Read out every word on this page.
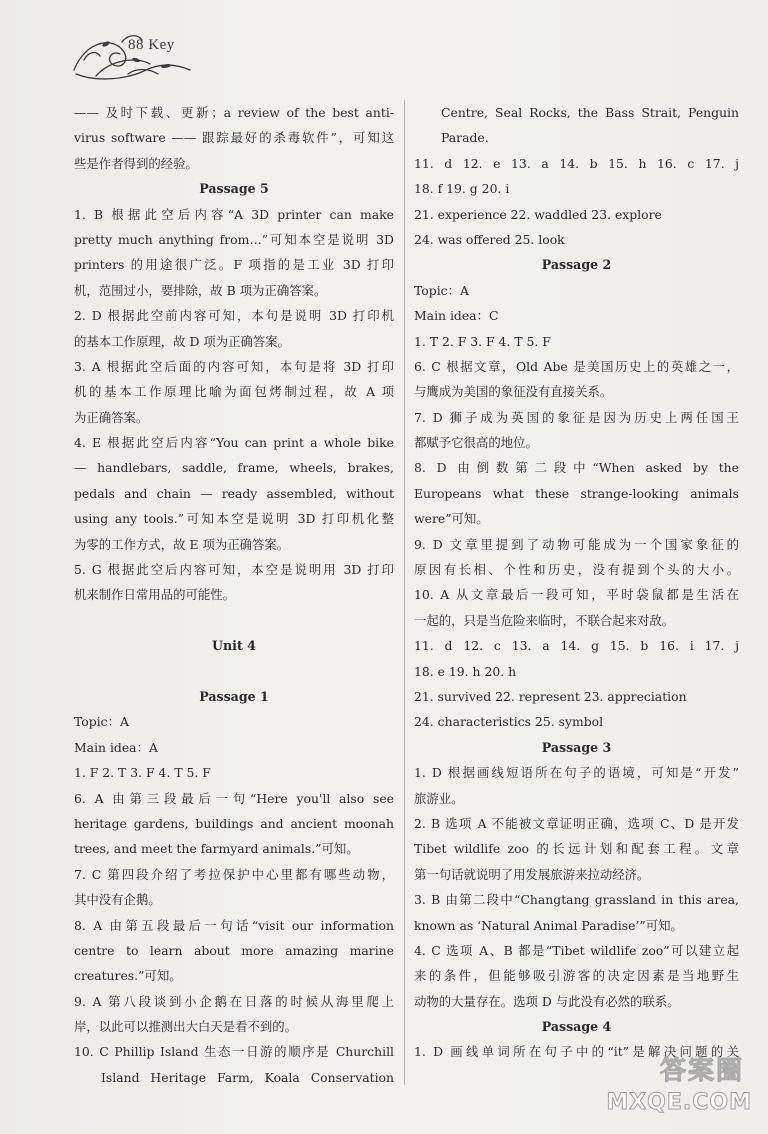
88 Key
—— 及时下载、更新；a review of the best anti-
virus software —— 跟踪最好的杀毒软件”，可知这
些是作者得到的经验。
Passage 5
1. B 根据此空后内容“A 3D printer can make
pretty much anything from…”可知本空是说明 3D
printers 的用途很广泛。F 项指的是工业 3D 打印
机，范围过小，要排除，故 B 项为正确答案。
2. D 根据此空前内容可知，本句是说明 3D 打印机
的基本工作原理，故 D 项为正确答案。
3. A 根据此空后面的内容可知，本句是将 3D 打印
机的基本工作原理比喻为面包烤制过程，故 A 项
为正确答案。
4. E 根据此空后内容“You can print a whole bike
— handlebars, saddle, frame, wheels, brakes,
pedals and chain — ready assembled, without
using any tools.”可知本空是说明 3D 打印机化整
为零的工作方式，故 E 项为正确答案。
5. G 根据此空后内容可知，本空是说明用 3D 打印
机来制作日常用品的可能性。
Unit 4
Passage 1
Topic：A
Main idea：A
1. F 2. T 3. F 4. T 5. F
6. A 由第三段最后一句“Here you'll also see
heritage gardens, buildings and ancient moonah
trees, and meet the farmyard animals.”可知。
7. C 第四段介绍了考拉保护中心里都有哪些动物，
其中没有企鹅。
8. A 由第五段最后一句话“visit our information
centre to learn about more amazing marine
creatures.”可知。
9. A 第八段谈到小企鹅在日落的时候从海里爬上
岸，以此可以推测出大白天是看不到的。
10. C Phillip Island 生态一日游的顺序是 Churchill
Island Heritage Farm, Koala Conservation
Centre, Seal Rocks, the Bass Strait, Penguin
Parade.
11. d 12. e 13. a 14. b 15. h 16. c 17. j
18. f 19. g 20. i
21. experience 22. waddled 23. explore
24. was offered 25. look
Passage 2
Topic：A
Main idea：C
1. T 2. F 3. F 4. T 5. F
6. C 根据文章，Old Abe 是美国历史上的英雄之一，
与鹰成为美国的象征没有直接关系。
7. D 狮子成为英国的象征是因为历史上两任国王
都赋予它很高的地位。
8. D 由倒数第二段中“When asked by the
Europeans what these strange-looking animals
were”可知。
9. D 文章里提到了动物可能成为一个国家象征的
原因有长相、个性和历史，没有提到个头的大小。
10. A 从文章最后一段可知，平时袋鼠都是生活在
一起的，只是当危险来临时，不联合起来对敌。
11. d 12. c 13. a 14. g 15. b 16. i 17. j
18. e 19. h 20. h
21. survived 22. represent 23. appreciation
24. characteristics 25. symbol
Passage 3
1. D 根据画线短语所在句子的语境，可知是“开发”
旅游业。
2. B 选项 A 不能被文章证明正确，选项 C、D 是开发
Tibet wildlife zoo 的长远计划和配套工程。文章
第一句话就说明了用发展旅游来拉动经济。
3. B 由第二段中“Changtang grassland in this area,
known as ‘Natural Animal Paradise’”可知。
4. C 选项 A、B 都是“Tibet wildlife zoo”可以建立起
来的条件，但能够吸引游客的决定因素是当地野生
动物的大量存在。选项 D 与此没有必然的联系。
Passage 4
1. D 画线单词所在句子中的“it”是解决问题的关
答案圈
MXQE.COM
